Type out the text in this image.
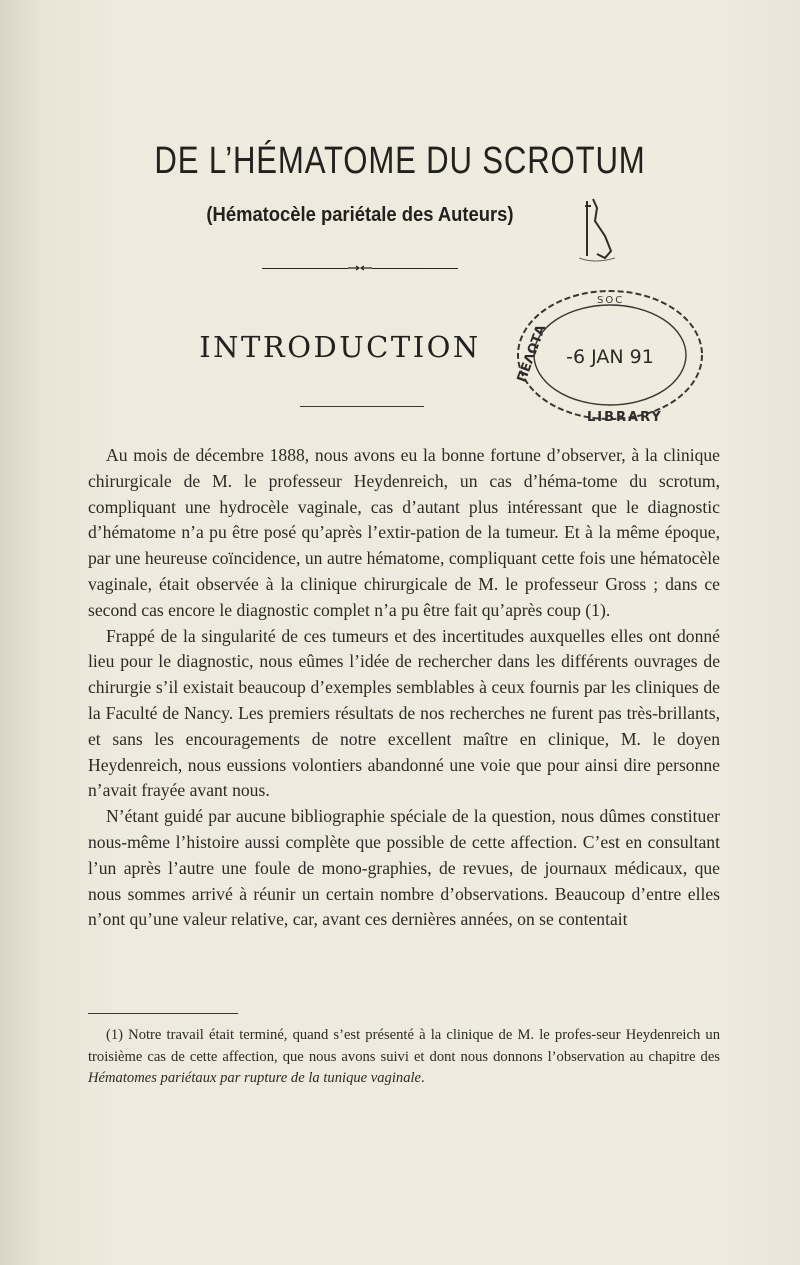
DE L’HÉMATOME DU SCROTUM
(Hématocèle pariétale des Auteurs)
INTRODUCTION	ΠΕΛΩΤΑ
LIBRARY
SOC
-6 JAN 91

Au mois de décembre 1888, nous avons eu la bonne fortune d’observer, à la clinique chirurgicale de M. le professeur Heydenreich, un cas d’héma-tome du scrotum, compliquant une hydrocèle vaginale, cas d’autant plus intéressant que le diagnostic d’hématome n’a pu être posé qu’après l’extir-pation de la tumeur. Et à la même époque, par une heureuse coïncidence, un autre hématome, compliquant cette fois une hématocèle vaginale, était observée à la clinique chirurgicale de M. le professeur Gross ; dans ce second cas encore le diagnostic complet n’a pu être fait qu’après coup (1).

Frappé de la singularité de ces tumeurs et des incertitudes auxquelles elles ont donné lieu pour le diagnostic, nous eûmes l’idée de rechercher dans les différents ouvrages de chirurgie s’il existait beaucoup d’exemples semblables à ceux fournis par les cliniques de la Faculté de Nancy. Les premiers résultats de nos recherches ne furent pas très-brillants, et sans les encouragements de notre excellent maître en clinique, M. le doyen Heydenreich, nous eussions volontiers abandonné une voie que pour ainsi dire personne n’avait frayée avant nous.

N’étant guidé par aucune bibliographie spéciale de la question, nous dûmes constituer nous-même l’histoire aussi complète que possible de cette affection. C’est en consultant l’un après l’autre une foule de mono-graphies, de revues, de journaux médicaux, que nous sommes arrivé à réunir un certain nombre d’observations. Beaucoup d’entre elles n’ont qu’une valeur relative, car, avant ces dernières années, on se contentait

(1) Notre travail était terminé, quand s’est présenté à la clinique de M. le profes-seur Heydenreich un troisième cas de cette affection, que nous avons suivi et dont nous donnons l’observation au chapitre des Hématomes pariétaux par rupture de la tunique vaginale.
